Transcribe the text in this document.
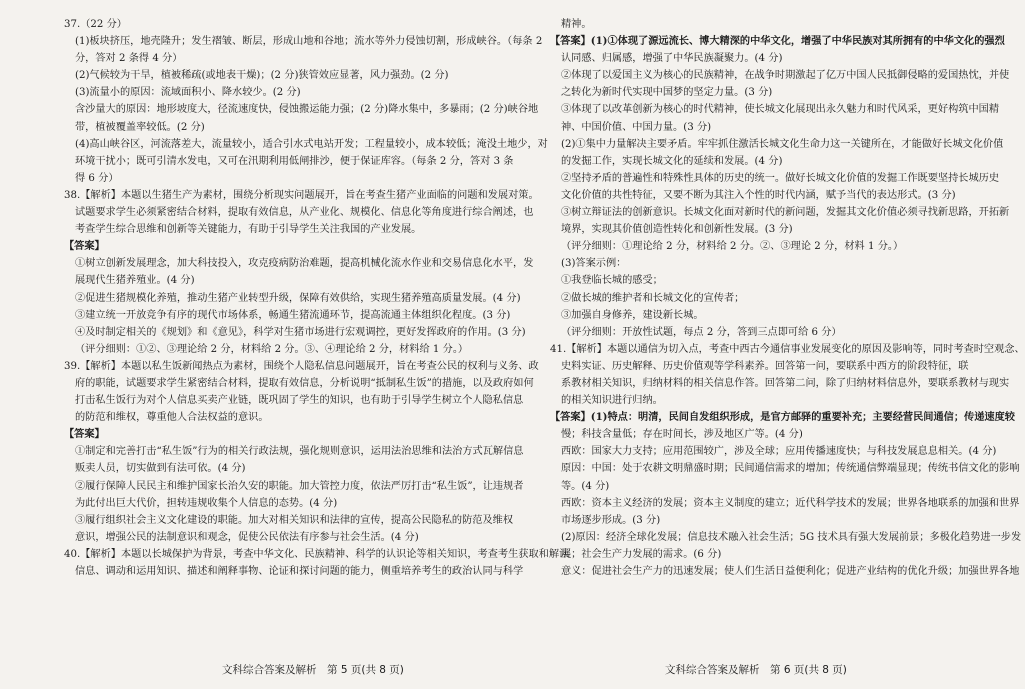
37.（22 分）
(1)板块挤压，地壳隆升；发生褶皱、断层，形成山地和谷地；流水等外力侵蚀切割，形成峡谷。（每条 2
分，答对 2 条得 4 分）
(2)气候较为干旱，植被稀疏(或地表干燥)；(2 分)狭管效应显著，风力强劲。(2 分)
(3)流量小的原因：流域面积小、降水较少。(2 分)
含沙量大的原因：地形坡度大，径流速度快，侵蚀搬运能力强；(2 分)降水集中，多暴雨；(2 分)峡谷地
带，植被覆盖率较低。(2 分)
(4)高山峡谷区，河流落差大，流量较小，适合引水式电站开发；工程量较小，成本较低；淹没土地少，对
环境干扰小；既可引清水发电，又可在汛期利用低闸排沙，便于保证库容。（每条 2 分，答对 3 条
得 6 分）
38.【解析】本题以生猪生产为素材，围绕分析现实问题展开，旨在考查生猪产业面临的问题和发展对策。
试题要求学生必须紧密结合材料，提取有效信息，从产业化、规模化、信息化等角度进行综合阐述，也
考查学生综合思维和创新等关键能力，有助于引导学生关注我国的产业发展。
【答案】
①树立创新发展理念，加大科技投入，攻克疫病防治难题，提高机械化流水作业和交易信息化水平，发
展现代生猪养殖业。(4 分)
②促进生猪规模化养殖，推动生猪产业转型升级，保障有效供给，实现生猪养殖高质量发展。(4 分)
③建立统一开放竞争有序的现代市场体系，畅通生猪流通环节，提高流通主体组织化程度。(3 分)
④及时制定相关的《规划》和《意见》，科学对生猪市场进行宏观调控，更好发挥政府的作用。(3 分)
（评分细则：①②、③理论给 2 分，材料给 2 分。③、④理论给 2 分，材料给 1 分。）
39.【解析】本题以私生饭新闻热点为素材，围绕个人隐私信息问题展开，旨在考查公民的权利与义务、政
府的职能，试题要求学生紧密结合材料，提取有效信息，分析说明“抵制私生饭”的措施，以及政府如何
打击私生饭行为对个人信息买卖产业链，既巩固了学生的知识，也有助于引导学生树立个人隐私信息
的防范和维权，尊重他人合法权益的意识。
【答案】
①制定和完善打击“私生饭”行为的相关行政法规，强化规则意识，运用法治思维和法治方式瓦解信息
贩卖人员，切实做到有法可依。(4 分)
②履行保障人民民主和维护国家长治久安的职能。加大管控力度，依法严厉打击“私生饭”，让违规者
为此付出巨大代价，担转违规收集个人信息的态势。(4 分)
③履行组织社会主义文化建设的职能。加大对相关知识和法律的宣传，提高公民隐私的防范及维权
意识，增强公民的法制意识和观念，促使公民依法有序参与社会生活。(4 分)
40.【解析】本题以长城保护为背景，考查中华文化、民族精神、科学的认识论等相关知识，考查考生获取和解读
信息、调动和运用知识、描述和阐释事物、论证和探讨问题的能力，侧重培养考生的政治认同与科学
精神。
【答案】(1)①体现了源远流长、博大精深的中华文化，增强了中华民族对其所拥有的中华文化的强烈
认同感、归属感，增强了中华民族凝聚力。(4 分)
②体现了以爱国主义为核心的民族精神，在战争时期激起了亿万中国人民抵御侵略的爱国热忱，并使
之转化为新时代实现中国梦的坚定力量。(3 分)
③体现了以改革创新为核心的时代精神，使长城文化展现出永久魅力和时代风采，更好构筑中国精
神、中国价值、中国力量。(3 分)
(2)①集中力量解决主要矛盾。牢牢抓住激活长城文化生命力这一关键所在，才能做好长城文化价值
的发掘工作，实现长城文化的延续和发展。(4 分)
②坚持矛盾的普遍性和特殊性具体的历史的统一。做好长城文化价值的发掘工作既要坚持长城历史
文化价值的共性特征，又要不断为其注入个性的时代内涵，赋予当代的表达形式。(3 分)
③树立辩证法的创新意识。长城文化面对新时代的新问题，发掘其文化价值必须寻找新思路，开拓新
境界，实现其价值创造性转化和创新性发展。(3 分)
（评分细则：①理论给 2 分，材料给 2 分。②、③理论 2 分，材料 1 分。）
(3)答案示例：
①我登临长城的感受；
②做长城的维护者和长城文化的宣传者；
③加强自身修养，建设新长城。
（评分细则：开放性试题，每点 2 分，答到三点即可给 6 分）
41.【解析】本题以通信为切入点，考查中西古今通信事业发展变化的原因及影响等，同时考查时空观念、
史料实证、历史解释、历史价值观等学科素养。回答第一问，要联系中西方的阶段特征，联
系教材相关知识，归纳材料的相关信息作答。回答第二问，除了归纳材料信息外，要联系教材与现实
的相关知识进行归纳。
【答案】(1)特点：明清，民间自发组织形成，是官方邮驿的重要补充；主要经营民间通信；传递速度较
慢；科技含量低；存在时间长，涉及地区广等。(4 分)
西欧：国家大力支持；应用范围较广，涉及全球；应用传播速度快；与科技发展息息相关。(4 分)
原因：中国：处于农耕文明鼎盛时期；民间通信需求的增加；传统通信弊端显现；传统书信文化的影响
等。(4 分)
西欧：资本主义经济的发展；资本主义制度的建立；近代科学技术的发展；世界各地联系的加强和世界
市场逐步形成。(3 分)
(2)原因：经济全球化发展；信息技术融入社会生活；5G 技术具有强大发展前景；多极化趋势进一步发
展；社会生产力发展的需求。(6 分)
意义：促进社会生产力的迅速发展；使人们生活日益便利化；促进产业结构的优化升级；加强世界各地
文科综合答案及解析　第 5 页(共 8 页)	文科综合答案及解析　第 6 页(共 8 页)
